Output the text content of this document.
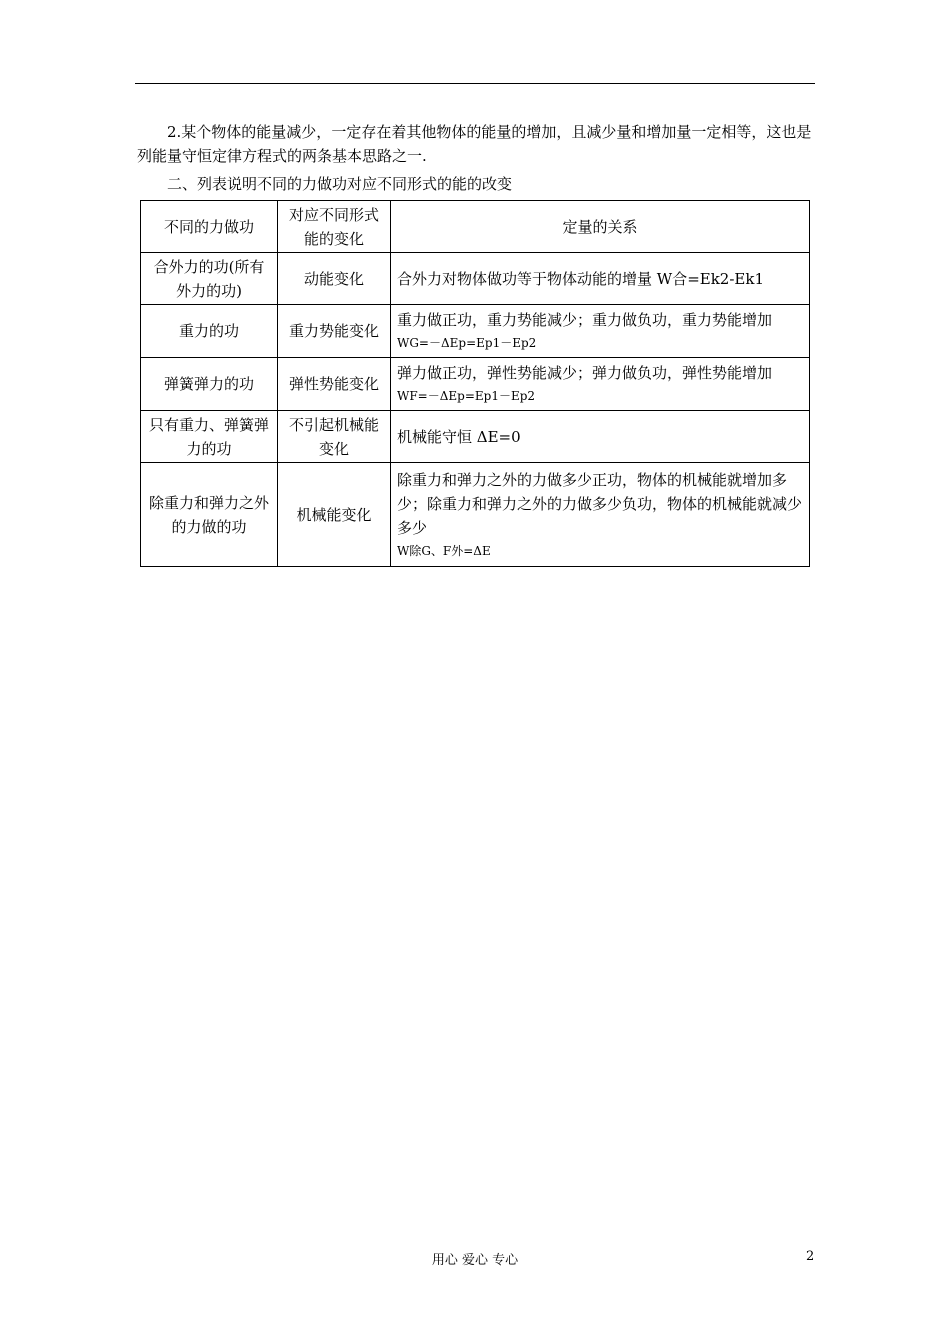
2.某个物体的能量减少，一定存在着其他物体的能量的增加，且减少量和增加量一定相等，这也是列能量守恒定律方程式的两条基本思路之一.
二、列表说明不同的力做功对应不同形式的能的改变
不同的力做功	对应不同形式能的变化	定量的关系
合外力的功(所有外力的功)	动能变化	合外力对物体做功等于物体动能的增量 W合=Ek2-Ek1
重力的功	重力势能变化	重力做正功，重力势能减少；重力做负功，重力势能增加
WG=－ΔEp=Ep1－Ep2

弹簧弹力的功	弹性势能变化	弹力做正功，弹性势能减少；弹力做负功，弹性势能增加
WF=－ΔEp=Ep1－Ep2

只有重力、弹簧弹力的功	不引起机械能变化	机械能守恒 ΔE=0
除重力和弹力之外的力做的功	机械能变化	除重力和弹力之外的力做多少正功，物体的机械能就增加多少；除重力和弹力之外的力做多少负功，物体的机械能就减少多少
W除G、F外=ΔE
用心 爱心 专心	2
